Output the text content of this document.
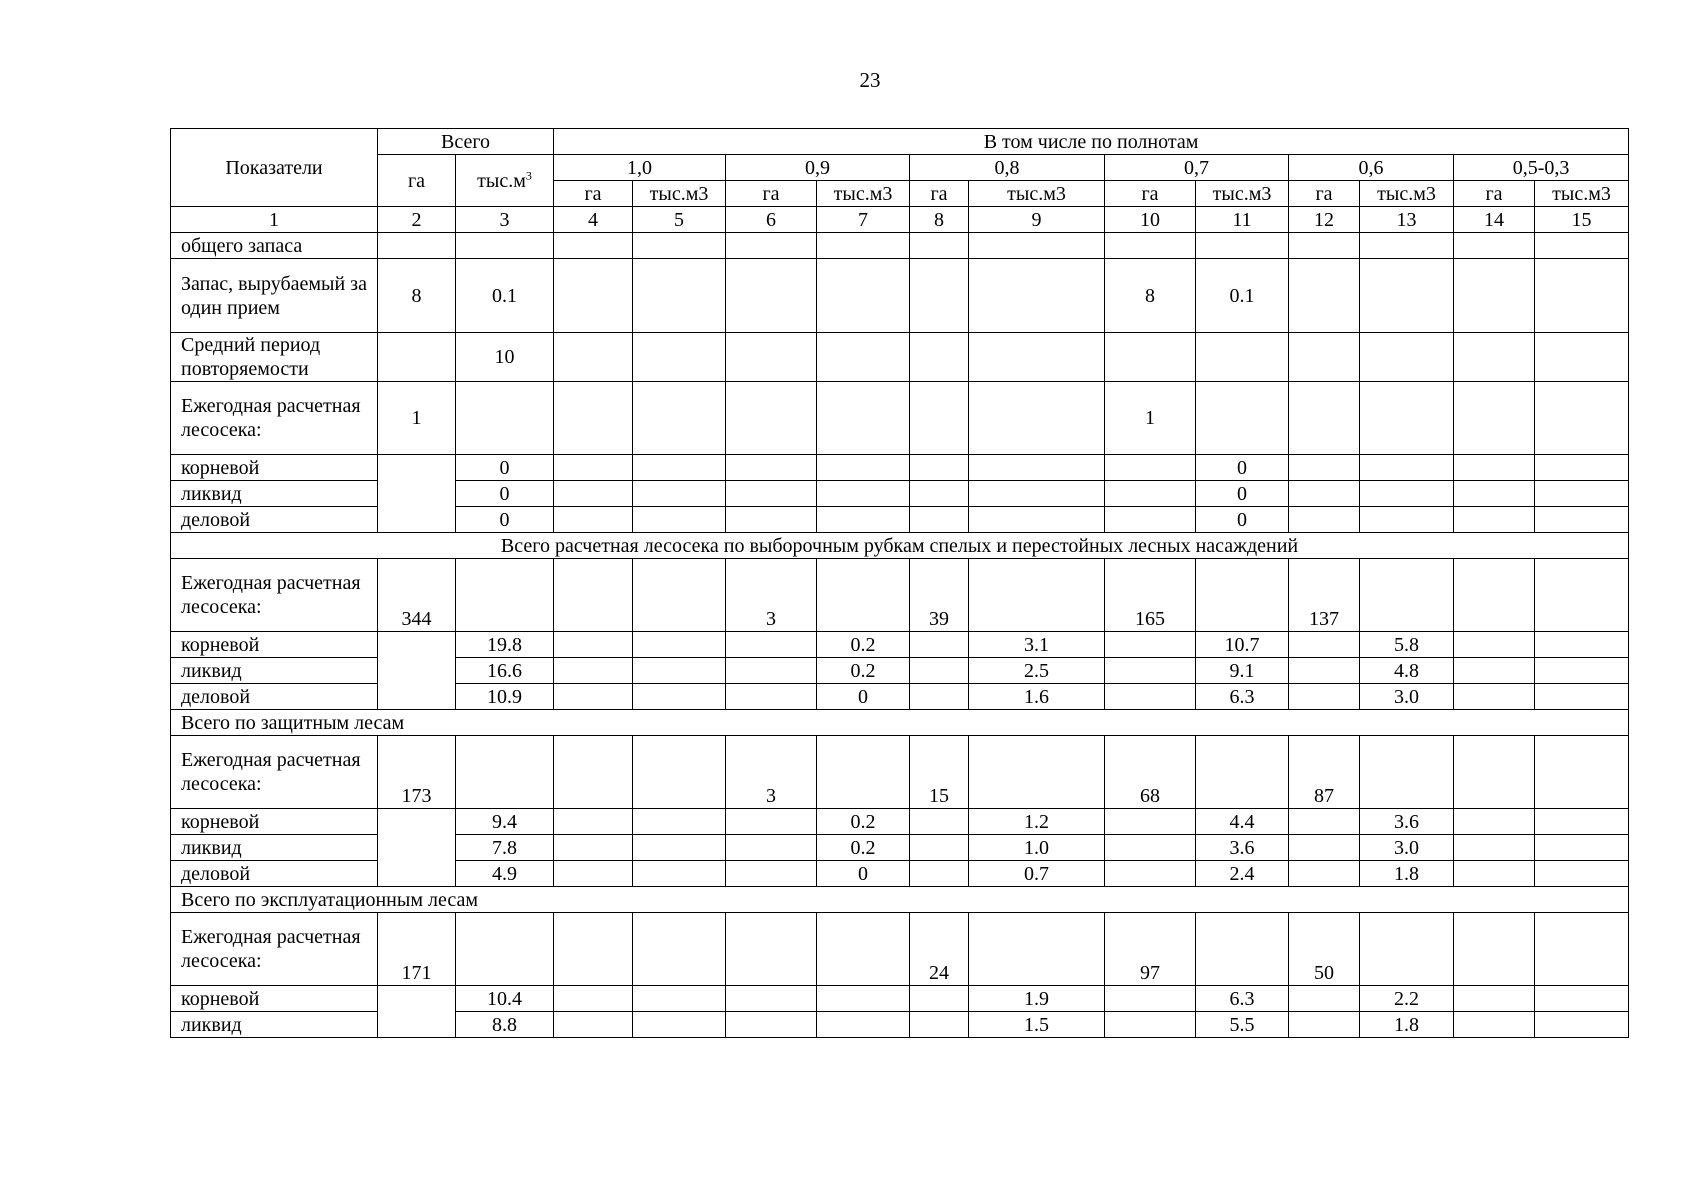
23
Показатели	Всего		В том числе по полнотам											
	га	$тыс.м^3$	1,0		0,9		0,8		0,7		0,6		0,5-0,3	
			га	тыс.м3	га	тыс.м3	га	тыс.м3	га	тыс.м3	га	тыс.м3	га	тыс.м3
1	2	3	4	5	6	7	8	9	10	11	12	13	14	15
общего запаса														
Запас, вырубаемый за один прием	8	0.1							8	0.1				
Средний период повторяемости		10												
Ежегодная расчетная лесосека:	1								1					
корневой		0								0				
ликвид		0								0				
деловой		0								0				
Всего расчетная лесосека по выборочным рубкам спелых и перестойных лесных насаждений														
Ежегодная расчетная лесосека:	344				3		39		165		137			
корневой		19.8				0.2		3.1		10.7		5.8		
ликвид		16.6				0.2		2.5		9.1		4.8		
деловой		10.9				0		1.6		6.3		3.0		
Всего по защитным лесам														
Ежегодная расчетная лесосека:	173				3		15		68		87			
корневой		9.4				0.2		1.2		4.4		3.6		
ликвид		7.8				0.2		1.0		3.6		3.0		
деловой		4.9				0		0.7		2.4		1.8		
Всего по эксплуатационным лесам														
Ежегодная расчетная лесосека:	171						24		97		50			
корневой		10.4						1.9		6.3		2.2		
ликвид		8.8						1.5		5.5		1.8		
